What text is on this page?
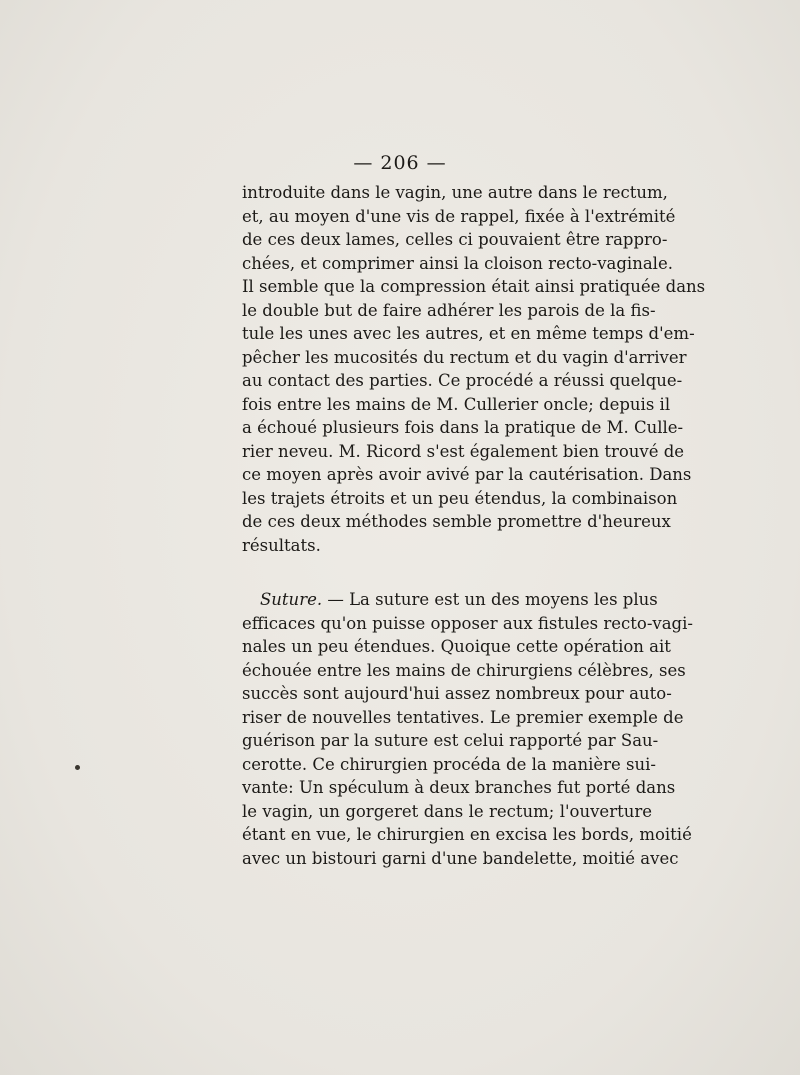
— 206 —
introduite dans le vagin, une autre dans le rectum,
et, au moyen d'une vis de rappel, fixée à l'extrémité
de ces deux lames, celles ci pouvaient être rappro-
chées, et comprimer ainsi la cloison recto-vaginale.
Il semble que la compression était ainsi pratiquée dans
le double but de faire adhérer les parois de la fis-
tule les unes avec les autres, et en même temps d'em-
pêcher les mucosités du rectum et du vagin d'arriver
au contact des parties. Ce procédé a réussi quelque-
fois entre les mains de M. Cullerier oncle; depuis il
a échoué plusieurs fois dans la pratique de M. Culle-
rier neveu. M. Ricord s'est également bien trouvé de
ce moyen après avoir avivé par la cautérisation. Dans
les trajets étroits et un peu étendus, la combinaison
de ces deux méthodes semble promettre d'heureux
résultats.
Suture. — La suture est un des moyens les plus
efficaces qu'on puisse opposer aux fistules recto-vagi-
nales un peu étendues. Quoique cette opération ait
échouée entre les mains de chirurgiens célèbres, ses
succès sont aujourd'hui assez nombreux pour auto-
riser de nouvelles tentatives. Le premier exemple de
guérison par la suture est celui rapporté par Sau-
cerotte. Ce chirurgien procéda de la manière sui-
vante: Un spéculum à deux branches fut porté dans
le vagin, un gorgeret dans le rectum; l'ouverture
étant en vue, le chirurgien en excisa les bords, moitié
avec un bistouri garni d'une bandelette, moitié avec
